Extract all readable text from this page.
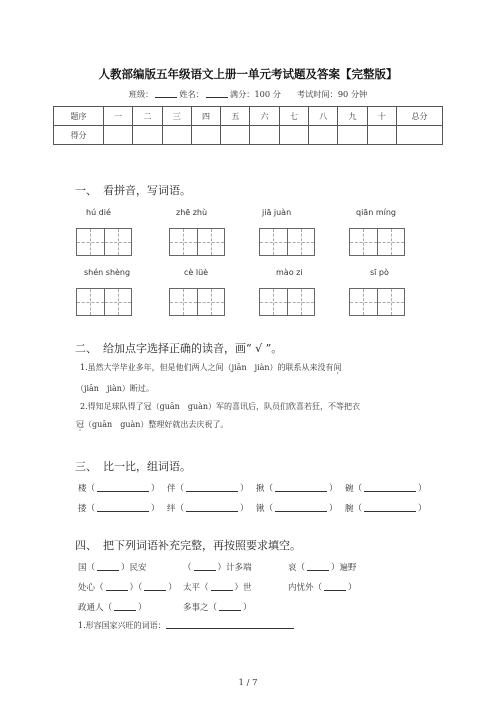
人教部编版五年级语文上册一单元考试题及答案【完整版】
班级：	姓名：	满分：100 分 考试时间：90 分钟
题序	一	二	三	四	五	六	七	八	九	十	总分
得分											
一、 看拼音，写词语。
hú dié	zhē zhù	jiā juàn	qiān míng
shén shèng	cè lüè	mào zi	sī pò
二、 给加点字选择正确的读音，画“ √ ”。
1.虽然大学毕业多年，但是他们两人之间（jiān　jiàn）的联系从来没有间
（jiān　jiàn）断过。
2.得知足球队得了冠（guān　guàn）军的喜讯后，队员们欣喜若狂，不等把衣
冠（guān　guàn）整理好就出去庆祝了。
三、 比一比，组词语。
楼（	） 伴（	） 揪（	） 碗（	）
搂（	） 绊（	） 锹（	） 腕（	）
四、 把下列词语补充完整，再按照要求填空。
国（	）民安	（	）计多端	哀（	）遍野
处心（	）（	） 太平（	）世	内忧外（	）
政通人（	）	多事之（	）
1.形容国家兴旺的词语：
1 / 7
